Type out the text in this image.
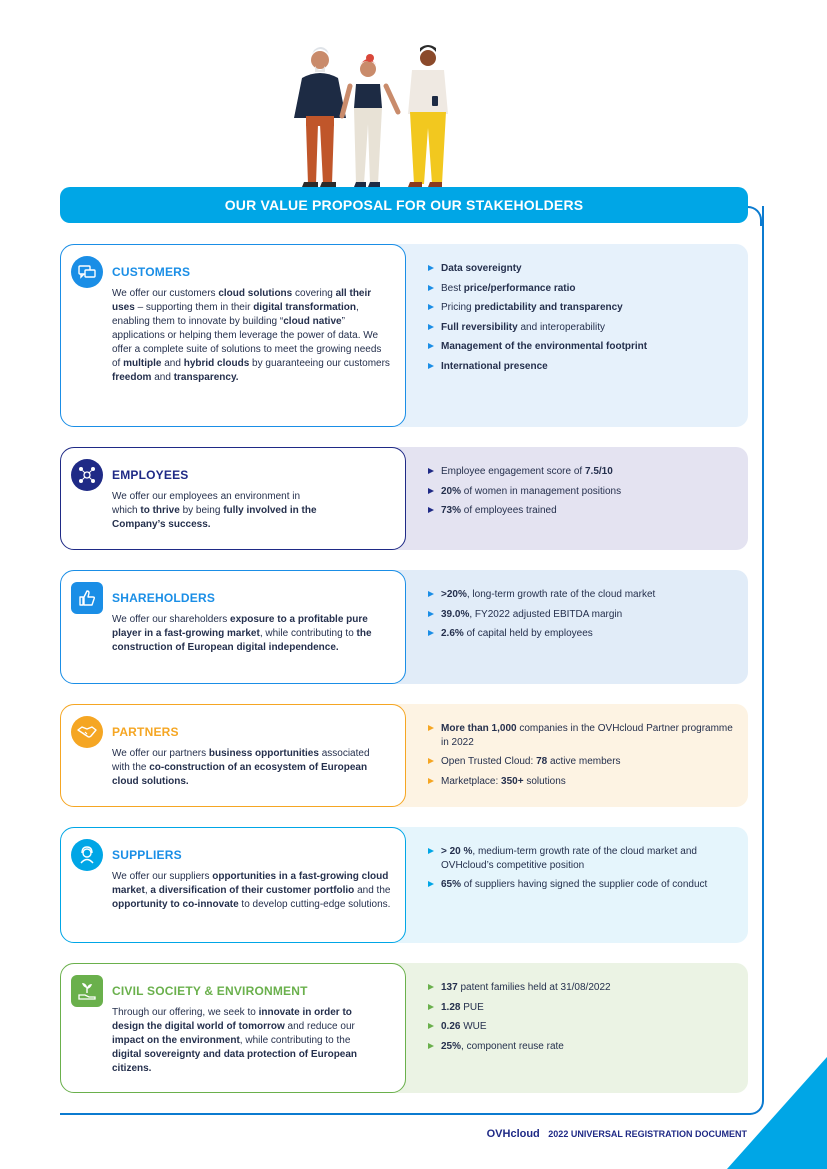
OUR VALUE PROPOSAL FOR OUR STAKEHOLDERS
CUSTOMERS
We offer our customers cloud solutions covering all their uses – supporting them in their digital transformation, enabling them to innovate by building “cloud native” applications or helping them leverage the power of data. We offer a complete suite of solutions to meet the growing needs of multiple and hybrid clouds by guaranteeing our customers freedom and transparency.
Data sovereignty
Best price/performance ratio
Pricing predictability and transparency
Full reversibility and interoperability
Management of the environmental footprint
International presence
EMPLOYEES
We offer our employees an environment in which to thrive by being fully involved in the Company’s success.
Employee engagement score of 7.5/10
20% of women in management positions
73% of employees trained
SHAREHOLDERS
We offer our shareholders exposure to a profitable pure player in a fast-growing market, while contributing to the construction of European digital independence.
>20%, long-term growth rate of the cloud market
39.0%, FY2022 adjusted EBITDA margin
2.6% of capital held by employees
PARTNERS
We offer our partners business opportunities associated with the co-construction of an ecosystem of European cloud solutions.
More than 1,000 companies in the OVHcloud Partner programme in 2022
Open Trusted Cloud: 78 active members
Marketplace: 350+ solutions
SUPPLIERS
We offer our suppliers opportunities in a fast-growing cloud market, a diversification of their customer portfolio and the opportunity to co-innovate to develop cutting-edge solutions.
> 20 %, medium-term growth rate of the cloud market and OVHcloud’s competitive position
65% of suppliers having signed the supplier code of conduct
CIVIL SOCIETY & ENVIRONMENT
Through our offering, we seek to innovate in order to design the digital world of tomorrow and reduce our impact on the environment, while contributing to the digital sovereignty and data protection of European citizens.
137 patent families held at 31/08/2022
1.28 PUE
0.26 WUE
25%, component reuse rate
OVHcloud 2022 UNIVERSAL REGISTRATION DOCUMENT
